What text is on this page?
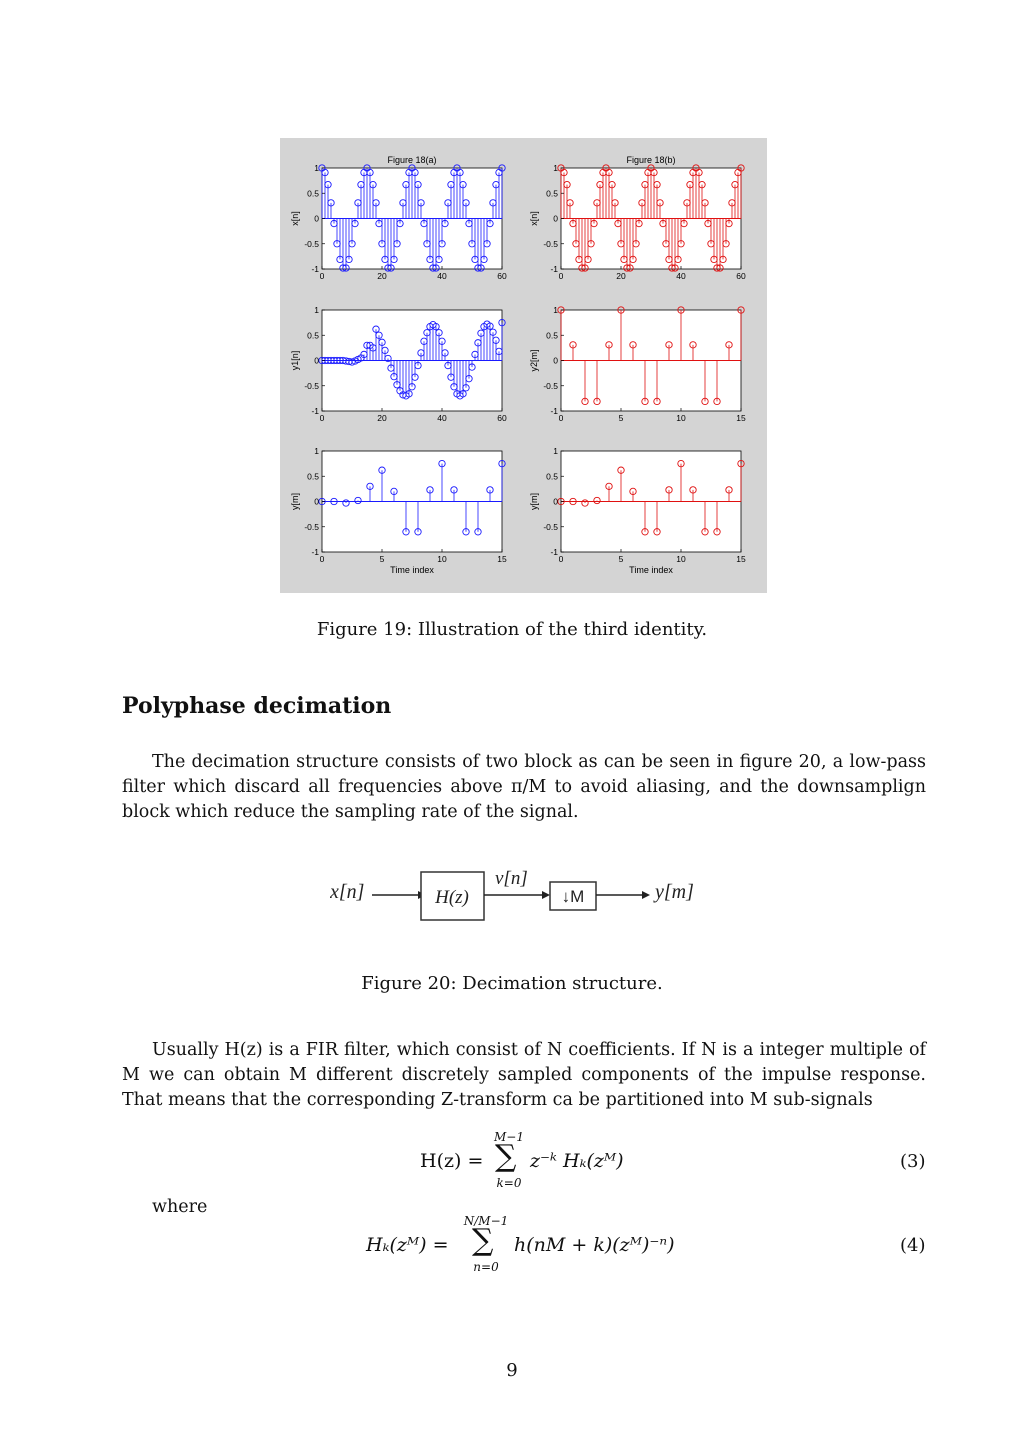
-1
-0.5
0
0.5
1
0	20	40	60
Figure 18(a)
x[n]
-1
-0.5
0
0.5
1
0	20	40	60
Figure 18(b)
x[n]
-1
-0.5
0
0.5
1
0	20	40	60
y1[n]
-1
-0.5
0
0.5
1
0	5	10	15
y2[m]
-1
-0.5
0
0.5
1
0	5	10	15
Time index
y[m]
-1
-0.5
0
0.5
1
0	5	10	15
Time index
y[m]
Figure 19: Illustration of the third identity.
Polyphase decimation

The decimation structure consists of two block as can be seen in figure 20, a low-pass filter which discard all frequencies above π/M to avoid aliasing, and the downsamplign block which reduce the sampling rate of the signal.

x[n]	H(z)
v[n]
↓M	y[m]
Figure 20: Decimation structure.

Usually H(z) is a FIR filter, which consist of N coefficients. If N is a integer multiple of M we can obtain M different discretely sampled components of the impulse response. That means that the corresponding Z-transform ca be partitioned into M sub-signals

H(z) =
M−1
∑
k=0
z⁻ᵏ Hₖ(zᴹ)	(3)
where
Hₖ(zᴹ) =
N/M−1
∑
n=0
h(nM + k)(zᴹ)⁻ⁿ)	(4)
9
